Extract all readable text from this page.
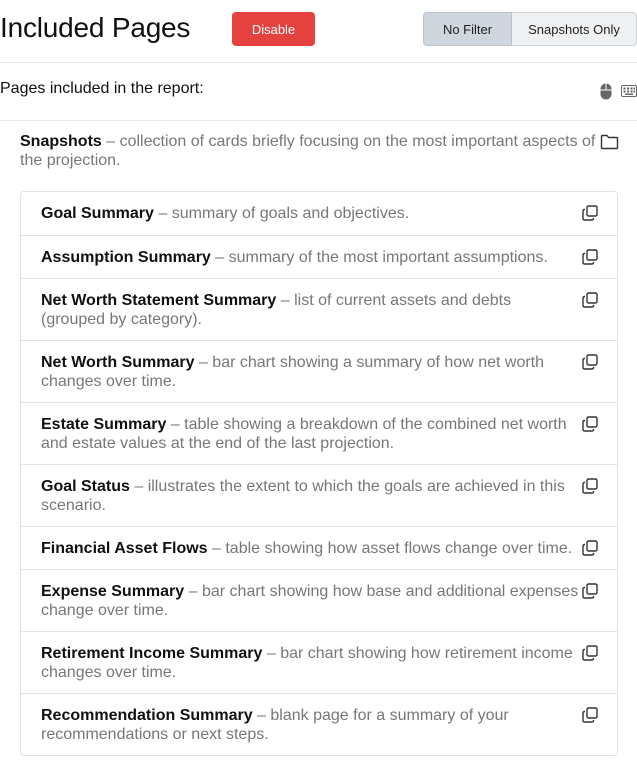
Included Pages	Disable	No Filter	Snapshots Only
Pages included in the report:
Snapshots – collection of cards briefly focusing on the most important aspects of the projection.
Goal Summary – summary of goals and objectives.
Assumption Summary – summary of the most important assumptions.
Net Worth Statement Summary – list of current assets and debts (grouped by category).
Net Worth Summary – bar chart showing a summary of how net worth changes over time.
Estate Summary – table showing a breakdown of the combined net worth and estate values at the end of the last projection.
Goal Status – illustrates the extent to which the goals are achieved in this scenario.
Financial Asset Flows – table showing how asset flows change over time.
Expense Summary – bar chart showing how base and additional expenses change over time.
Retirement Income Summary – bar chart showing how retirement income changes over time.
Recommendation Summary – blank page for a summary of your recommendations or next steps.
